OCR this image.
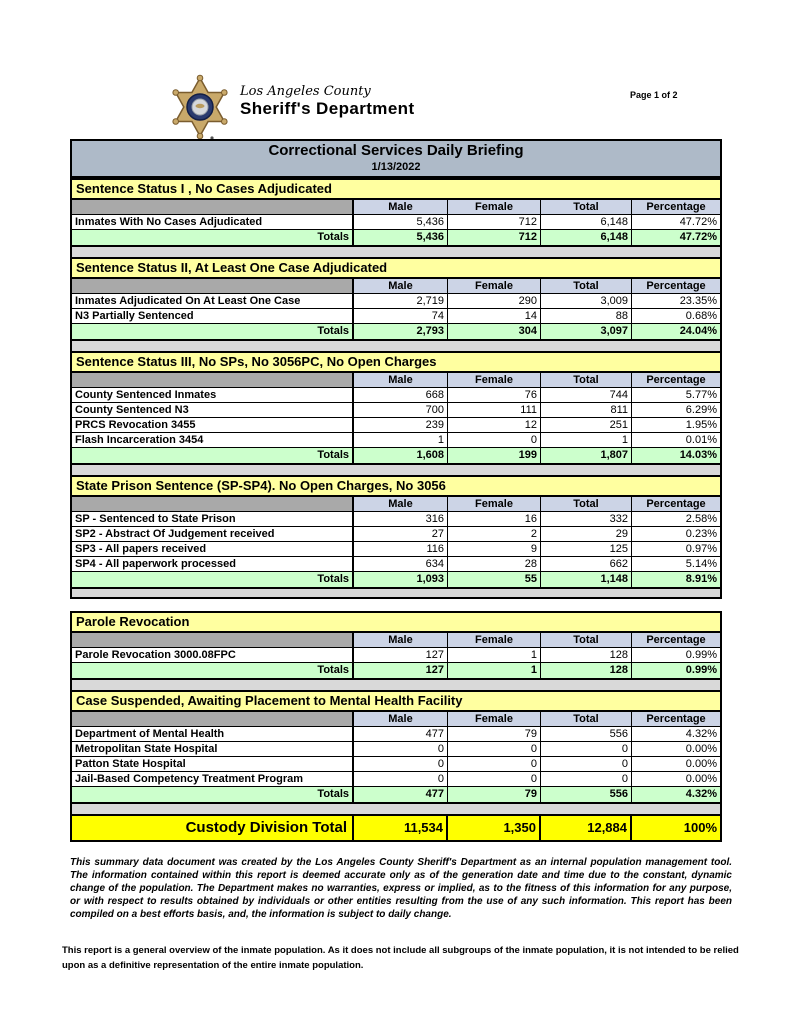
Los Angeles County
Sheriff's Department
Page 1 of 2
Correctional Services Daily Briefing
1/13/2022
Sentence Status I , No Cases Adjudicated
Male	Female	Total	Percentage
Inmates With No Cases Adjudicated	5,436	712	6,148	47.72%
Totals	5,436	712	6,148	47.72%
Sentence Status II, At Least One Case Adjudicated
Male	Female	Total	Percentage
Inmates Adjudicated On At Least One Case	2,719	290	3,009	23.35%
N3 Partially Sentenced	74	14	88	0.68%
Totals	2,793	304	3,097	24.04%
Sentence Status III, No SPs, No 3056PC, No Open Charges
Male	Female	Total	Percentage
County Sentenced Inmates	668	76	744	5.77%
County Sentenced N3	700	111	811	6.29%
PRCS Revocation 3455	239	12	251	1.95%
Flash Incarceration 3454	1	0	1	0.01%
Totals	1,608	199	1,807	14.03%
State Prison Sentence (SP-SP4). No Open Charges, No 3056
Male	Female	Total	Percentage
SP - Sentenced to State Prison	316	16	332	2.58%
SP2 - Abstract Of Judgement received	27	2	29	0.23%
SP3 - All papers received	116	9	125	0.97%
SP4 - All paperwork processed	634	28	662	5.14%
Totals	1,093	55	1,148	8.91%
Parole Revocation
Male	Female	Total	Percentage
Parole Revocation 3000.08FPC	127	1	128	0.99%
Totals	127	1	128	0.99%
Case Suspended, Awaiting Placement to Mental Health Facility
Male	Female	Total	Percentage
Department of Mental Health	477	79	556	4.32%
Metropolitan State Hospital	0	0	0	0.00%
Patton State Hospital	0	0	0	0.00%
Jail-Based Competency Treatment Program	0	0	0	0.00%
Totals	477	79	556	4.32%
Custody Division Total	11,534	1,350	12,884	100%

This summary data document was created by the Los Angeles County Sheriff's Department as an internal population management tool. The information contained within this report is deemed accurate only as of the generation date and time due to the constant, dynamic change of the population. The Department makes no warranties, express or implied, as to the fitness of this information for any purpose, or with respect to results obtained by individuals or other entities resulting from the use of any such information. This report has been compiled on a best efforts basis, and, the information is subject to daily change.

This report is a general overview of the inmate population. As it does not include all subgroups of the inmate population, it is not intended to be relied upon as a definitive representation of the entire inmate population.
